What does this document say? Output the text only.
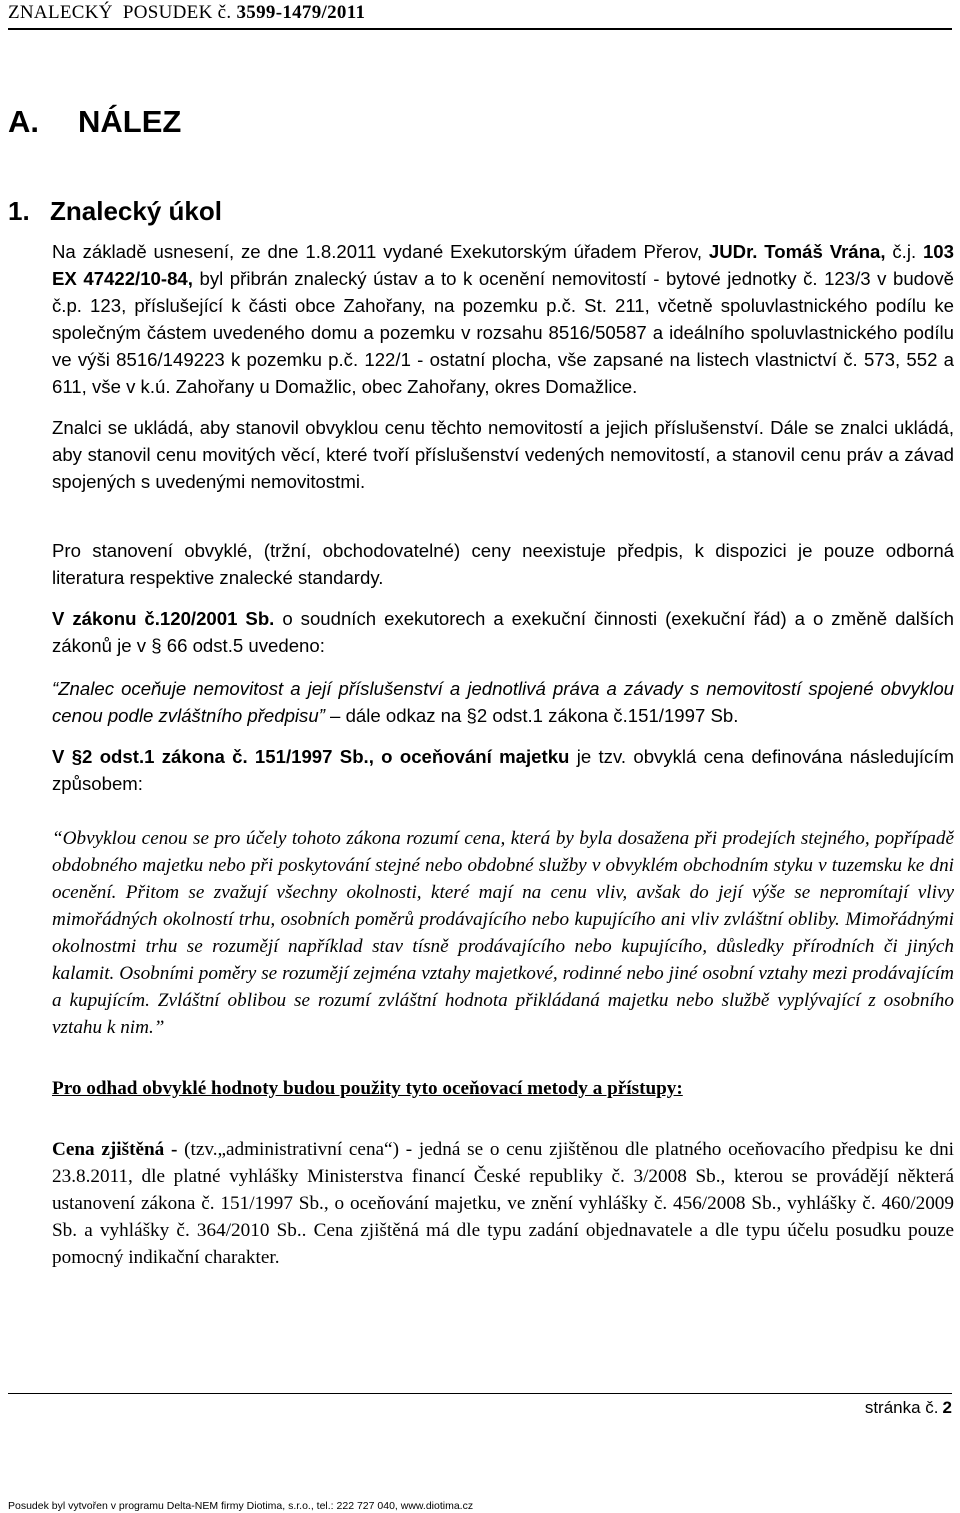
ZNALECKÝ  POSUDEK č. 3599-1479/2011
A. NÁLEZ
1. Znalecký úkol

Na základě usnesení, ze dne 1.8.2011 vydané Exekutorským úřadem Přerov, JUDr. Tomáš Vrána, č.j. 103 EX 47422/10-84, byl přibrán znalecký ústav a to k ocenění nemovitostí - bytové jednotky č. 123/3 v budově č.p. 123, příslušející k části obce Zahořany, na pozemku p.č. St. 211, včetně spoluvlastnického podílu ke společným částem uvedeného domu a pozemku v rozsahu 8516/50587 a ideálního spoluvlastnického podílu ve výši 8516/149223 k pozemku p.č. 122/1 - ostatní plocha, vše zapsané na listech vlastnictví č. 573, 552 a 611, vše v k.ú. Zahořany u Domažlic, obec Zahořany, okres Domažlice.

Znalci se ukládá, aby stanovil obvyklou cenu těchto nemovitostí a jejich příslušenství. Dále se znalci ukládá, aby stanovil cenu movitých věcí, které tvoří příslušenství vedených nemovitostí, a stanovil cenu práv a závad spojených s uvedenými nemovitostmi.

Pro stanovení obvyklé, (tržní, obchodovatelné) ceny neexistuje předpis, k dispozici je pouze odborná literatura respektive znalecké standardy.

V zákonu č.120/2001 Sb. o soudních exekutorech a exekuční činnosti (exekuční řád) a o změně dalších zákonů je v § 66 odst.5 uvedeno:

“Znalec oceňuje nemovitost a její příslušenství a jednotlivá práva a závady s nemovitostí spojené obvyklou cenou podle zvláštního předpisu” – dále odkaz na §2 odst.1 zákona č.151/1997 Sb.

V §2 odst.1 zákona č. 151/1997 Sb., o oceňování majetku je tzv. obvyklá cena definována následujícím způsobem:

“Obvyklou cenou se pro účely tohoto zákona rozumí cena, která by byla dosažena při prodejích stejného, popřípadě obdobného majetku nebo při poskytování stejné nebo obdobné služby v obvyklém obchodním styku v tuzemsku ke dni ocenění. Přitom se zvažují všechny okolnosti, které mají na cenu vliv, avšak do její výše se nepromítají vlivy mimořádných okolností trhu, osobních poměrů prodávajícího nebo kupujícího ani vliv zvláštní obliby. Mimořádnými okolnostmi trhu se rozumějí například stav tísně prodávajícího nebo kupujícího, důsledky přírodních či jiných kalamit. Osobními poměry se rozumějí zejména vztahy majetkové, rodinné nebo jiné osobní vztahy mezi prodávajícím a kupujícím. Zvláštní oblibou se rozumí zvláštní hodnota přikládaná majetku nebo službě vyplývající z osobního vztahu k nim.”

Pro odhad obvyklé hodnoty budou použity tyto oceňovací metody a přístupy:

Cena zjištěná - (tzv.„administrativní cena“) - jedná se o cenu zjištěnou dle platného oceňovacího předpisu ke dni 23.8.2011, dle platné vyhlášky Ministerstva financí České republiky č. 3/2008 Sb., kterou se provádějí některá ustanovení zákona č. 151/1997 Sb., o oceňování majetku, ve znění vyhlášky č. 456/2008 Sb., vyhlášky č. 460/2009 Sb. a vyhlášky č. 364/2010 Sb.. Cena zjištěná má dle typu zadání objednavatele a dle typu účelu posudku pouze pomocný indikační charakter.

stránka č. 2
Posudek byl vytvořen v programu Delta-NEM firmy Diotima, s.r.o., tel.: 222 727 040, www.diotima.cz
